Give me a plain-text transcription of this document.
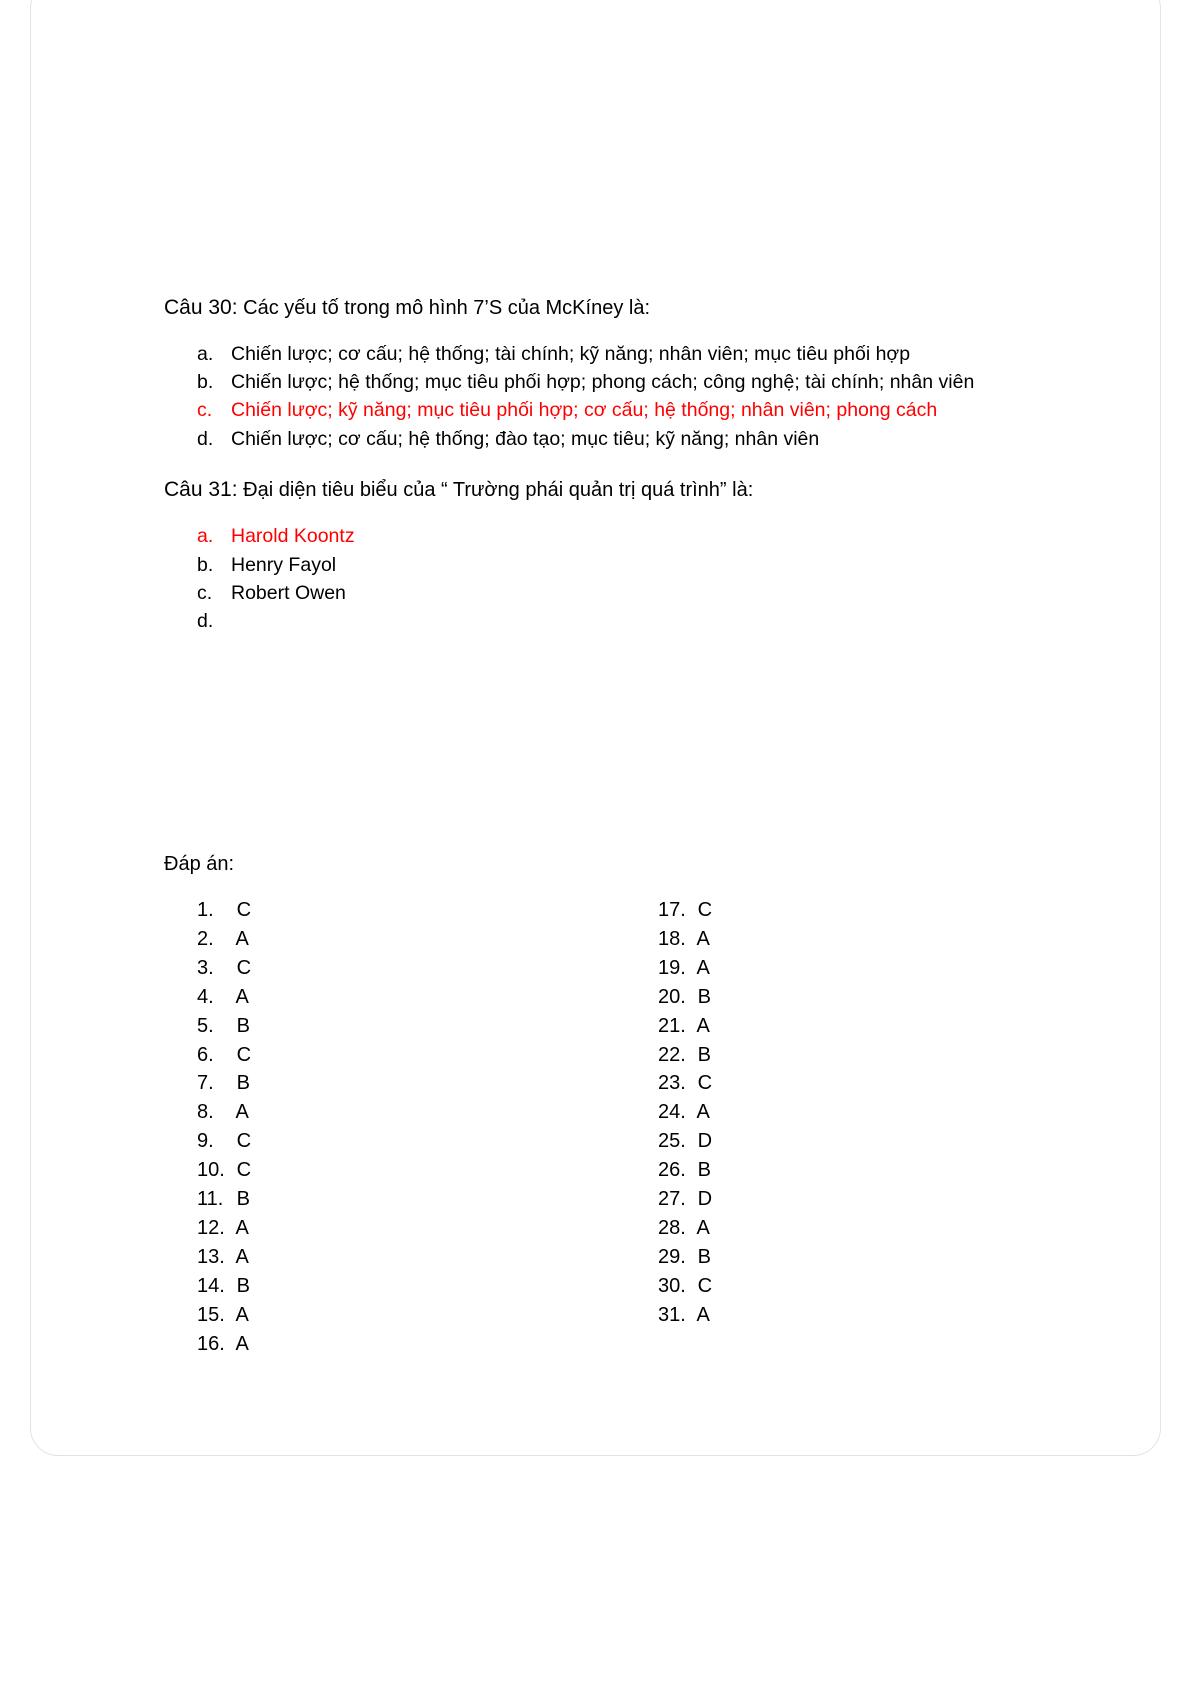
Câu 30: Các yếu tố trong mô hình 7’S của McKíney là:
a. Chiến lược; cơ cấu; hệ thống; tài chính; kỹ năng; nhân viên; mục tiêu phối hợp
b. Chiến lược; hệ thống; mục tiêu phối hợp; phong cách; công nghệ; tài chính; nhân viên
c. Chiến lược; kỹ năng; mục tiêu phối hợp; cơ cấu; hệ thống; nhân viên; phong cách
d. Chiến lược; cơ cấu; hệ thống; đào tạo; mục tiêu; kỹ năng; nhân viên
Câu 31: Đại diện tiêu biểu của “ Trường phái quản trị quá trình” là:
a. Harold Koontz
b. Henry Fayol
c. Robert Owen
d.
Đáp án:
1. C
2. A
3. C
4. A
5. B
6. C
7. B
8. A
9. C
10. C
11. B
12. A
13. A
14. B
15. A
16. A
17. C
18. A
19. A
20. B
21. A
22. B
23. C
24. A
25. D
26. B
27. D
28. A
29. B
30. C
31. A
